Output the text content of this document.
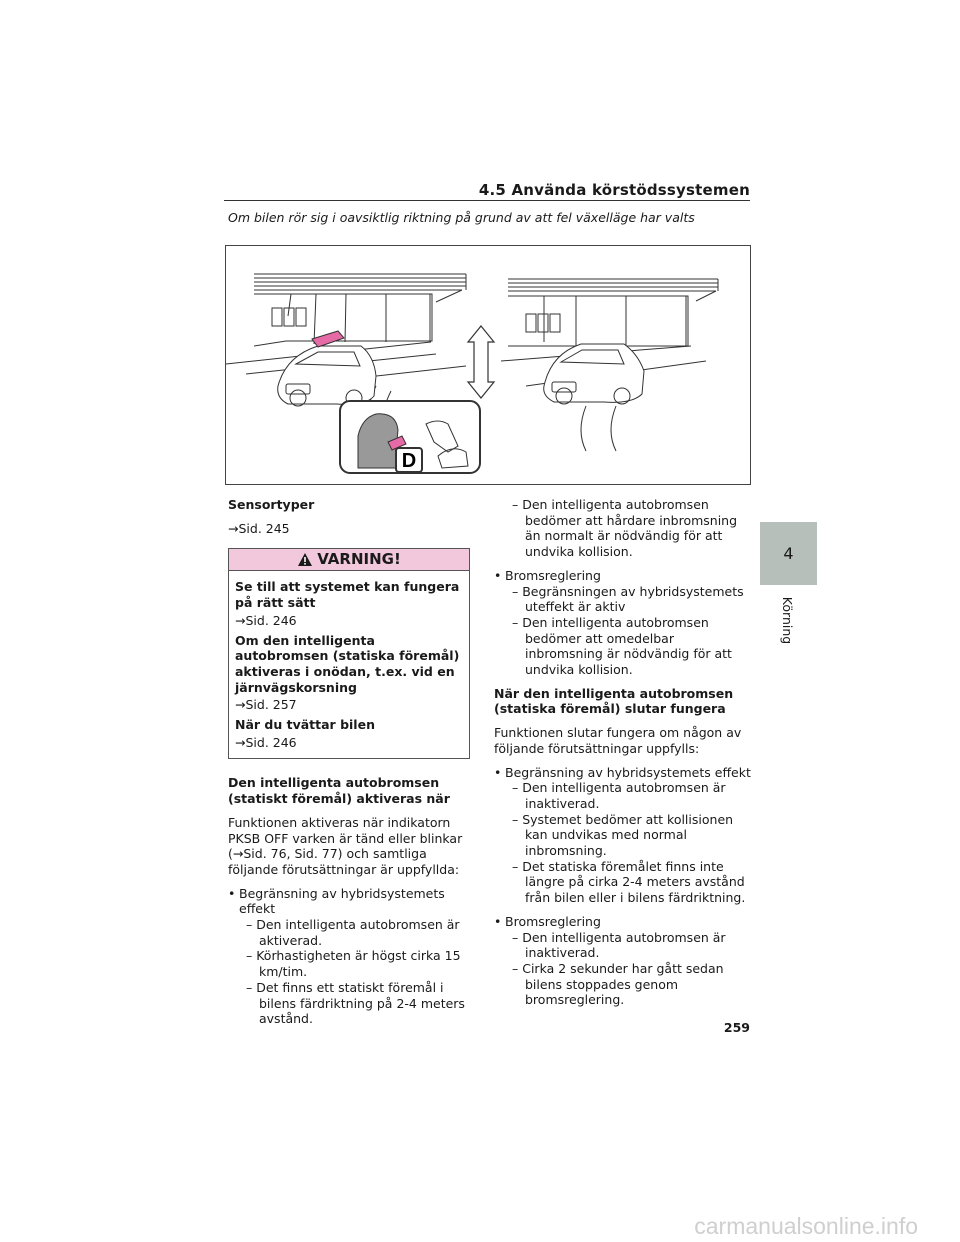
4.5 Använda körstödssystemen
Om bilen rör sig i oavsiktlig riktning på grund av att fel växelläge har valts
D
Sensortyper
→Sid. 245
VARNING!
Se till att systemet kan fungera på rätt sätt
→Sid. 246
Om den intelligenta autobromsen (statiska föremål) aktiveras i onödan, t.ex. vid en järnvägskorsning
→Sid. 257
När du tvättar bilen
→Sid. 246
Den intelligenta autobromsen (statiskt föremål) aktiveras när
Funktionen aktiveras när indikatorn PKSB OFF varken är tänd eller blinkar (→Sid. 76, Sid. 77) och samtliga följande förutsättningar är uppfyllda:
• Begränsning av hybridsystemets
effekt
– Den intelligenta autobromsen är aktiverad.
– Körhastigheten är högst cirka 15 km/tim.
– Det finns ett statiskt föremål i bilens färdriktning på 2-4 meters avstånd.
– Den intelligenta autobromsen bedömer att hårdare inbromsning än normalt är nödvändig för att undvika kollision.
• Bromsreglering
– Begränsningen av hybridsystemets uteffekt är aktiv
– Den intelligenta autobromsen bedömer att omedelbar inbromsning är nödvändig för att undvika kollision.
När den intelligenta autobromsen (statiska föremål) slutar fungera
Funktionen slutar fungera om någon av följande förutsättningar uppfylls:
• Begränsning av hybridsystemets effekt
– Den intelligenta autobromsen är inaktiverad.
– Systemet bedömer att kollisionen kan undvikas med normal inbromsning.
– Det statiska föremålet finns inte längre på cirka 2-4 meters avstånd från bilen eller i bilens färdriktning.
• Bromsreglering
– Den intelligenta autobromsen är inaktiverad.
– Cirka 2 sekunder har gått sedan bilens stoppades genom bromsreglering.
4
Körning
259
carmanualsonline.info
